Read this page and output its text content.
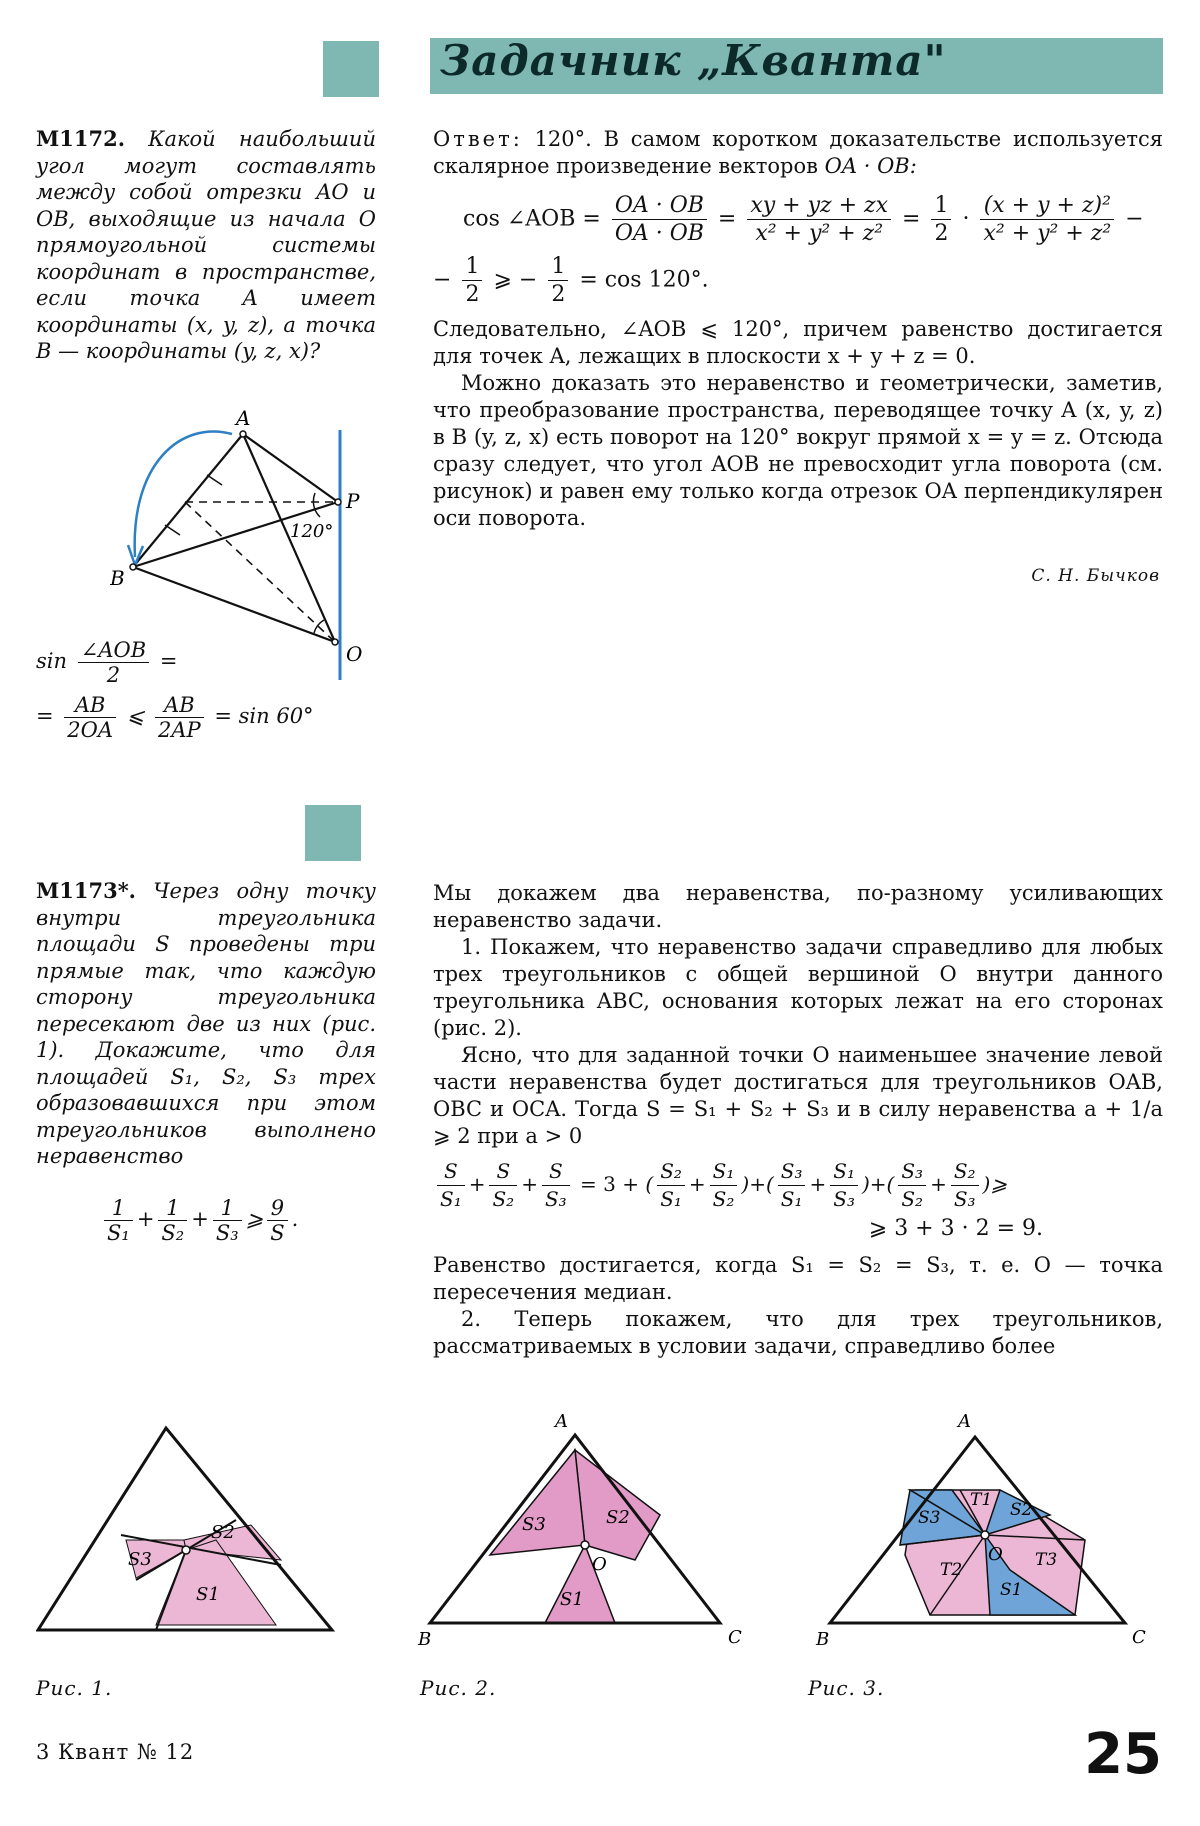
Задачник „Кванта"
М1172. Какой наибольший угол могут составлять между собой отрезки AO и OB, выходящие из начала O прямоугольной системы координат в пространстве, если точка A имеет координаты (x, y, z), а точка B — координаты (y, z, x)?
A
B
P
O
120°
$\sin \frac{\text{∠AOB}}{2}$ =
= $\frac{AB}{2OA}$ ⩽ $\frac{AB}{2AP} = \sin 60^\circ$

Ответ: 120°. В самом коротком доказательстве используется скалярное произведение векторов OA · OB:

cos ∠AOB = $\frac{OA \cdot OB}{OA \cdot OB} = \frac{xy + yz + zx}{\text{x² + y² + z²}} = \frac{1}{2} \cdot \frac{\text{(x + y + z)²}}{\text{x² + y² + z²}}$ −
− $\frac{1}{2}$ ⩾ − $\frac{1}{2} = \cos 120^\circ$.

Следовательно, ∠AOB ⩽ 120°, причем равенство достигается для точек A, лежащих в плоскости x + y + z = 0.

Можно доказать это неравенство и геометрически, заметив, что преобразование пространства, переводящее точку A (x, y, z) в B (y, z, x) есть поворот на 120° вокруг прямой x = y = z. Отсюда сразу следует, что угол AOB не превосходит угла поворота (см. рисунок) и равен ему только когда отрезок OA перпендикулярен оси поворота.

С. Н. Бычков
М1173*. Через одну точку внутри треугольника площади S проведены три прямые так, что каждую сторону треугольника пересекают две из них (рис. 1). Докажите, что для площадей S₁, S₂, S₃ трех образовавшихся при этом треугольников выполнено неравенство
$\frac{1}{\text{S₁}} + \frac{1}{\text{S₂}} + \frac{1}{\text{S₃}}$ ⩾ $\frac{9}{S}$ .

Мы докажем два неравенства, по-разному усиливающих неравенство задачи.

1. Покажем, что неравенство задачи справедливо для любых трех треугольников с общей вершиной O внутри данного треугольника ABC, основания которых лежат на его сторонах (рис. 2).

Ясно, что для заданной точки O наименьшее значение левой части неравенства будет достигаться для треугольников OAB, OBC и OCA. Тогда S = S₁ + S₂ + S₃ и в силу неравенства a + 1/a ⩾ 2 при a > 0

$\frac{S}{\text{S₁}} + \frac{S}{\text{S₂}} + \frac{S}{\text{S₃}} = 3$ + ( $\frac{\text{S₂}}{\text{S₁}} + \frac{\text{S₁}}{\text{S₂}}$ )+( $\frac{\text{S₃}}{\text{S₁}} + \frac{\text{S₁}}{\text{S₃}}$ )+( $\frac{\text{S₃}}{\text{S₂}} + \frac{\text{S₂}}{\text{S₃}}$ )⩾
⩾ 3 + 3 · 2 = 9.

Равенство достигается, когда S₁ = S₂ = S₃, т. е. O — точка пересечения медиан.

2. Теперь покажем, что для трех треугольников, рассматриваемых в условии задачи, справедливо более

S3
S2
S1
Рис. 1.
A
B	C
O
S3	S2
S1
Рис. 2.
A
B	C
O
S3	S2
S1
T1
T2	T3
Рис. 3.
3 Квант № 12	25
